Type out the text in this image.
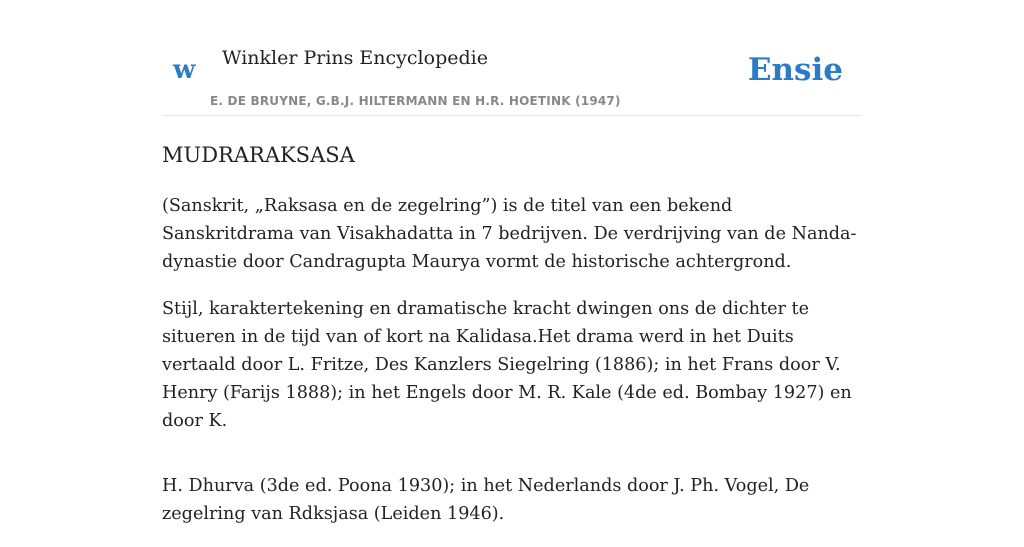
w Winkler Prins Encyclopedie
E. DE BRUYNE, G.B.J. HILTERMANN EN H.R. HOETINK (1947)
Ensie
MUDRARAKSASA

(Sanskrit, „Raksasa en de zegelring”) is de titel van een bekend Sanskritdrama van Visakhadatta in 7 bedrijven. De verdrijving van de Nanda-dynastie door Candragupta Maurya vormt de historische achtergrond.

Stijl, karaktertekening en dramatische kracht dwingen ons de dichter te situeren in de tijd van of kort na Kalidasa.Het drama werd in het Duits vertaald door L. Fritze, Des Kanzlers Siegelring (1886); in het Frans door V. Henry (Farijs 1888); in het Engels door M. R. Kale (4de ed. Bombay 1927) en door K.

H. Dhurva (3de ed. Poona 1930); in het Nederlands door J. Ph. Vogel, De zegelring van Rdksjasa (Leiden 1946).
